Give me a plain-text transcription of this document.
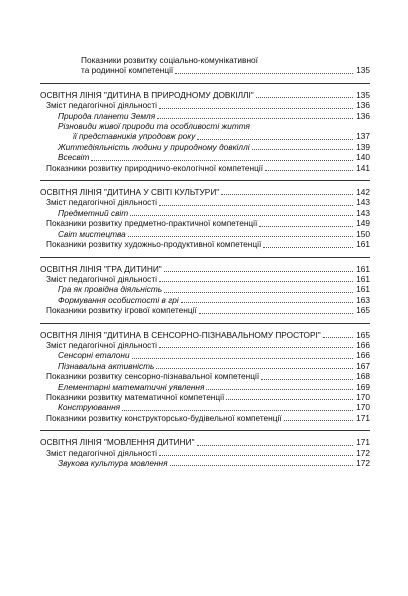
Показники розвитку соціально-комунікативної
та родинної компетенції	135
ОСВІТНЯ ЛІНІЯ "ДИТИНА В ПРИРОДНОМУ ДОВКІЛЛІ"	135
Зміст педагогічної діяльності	136
Природа планети Земля	136
Різновиди живої природи та особливості життя
її представників упродовж року	137
Життєдіяльність людини у природному довкіллі	139
Всесвіт	140
Показники розвитку природничо-екологічної компетенції	141
ОСВІТНЯ ЛІНІЯ "ДИТИНА У СВІТІ КУЛЬТУРИ"	142
Зміст педагогічної діяльності	143
Предметний світ	143
Показники розвитку предметно-практичної компетенції	149
Світ мистецтва	150
Показники розвитку художньо-продуктивної компетенції	161
ОСВІТНЯ ЛІНІЯ "ГРА ДИТИНИ"	161
Зміст педагогічної діяльності	161
Гра як провідна діяльність	161
Формування особистості в грі	163
Показники розвитку ігрової компетенції	165
ОСВІТНЯ ЛІНІЯ "ДИТИНА В СЕНСОРНО-ПІЗНАВАЛЬНОМУ ПРОСТОРІ"	165
Зміст педагогічної діяльності	166
Сенсорні еталони	166
Пізнавальна активність	167
Показники розвитку сенсорно-пізнавальної компетенції	168
Елементарні математичні уявлення	169
Показники розвитку математичної компетенції	170
Конструювання	170
Показники розвитку конструкторсько-будівельної компетенції	171
ОСВІТНЯ ЛІНІЯ "МОВЛЕННЯ ДИТИНИ"	171
Зміст педагогічної діяльності	172
Звукова культура мовлення	172
